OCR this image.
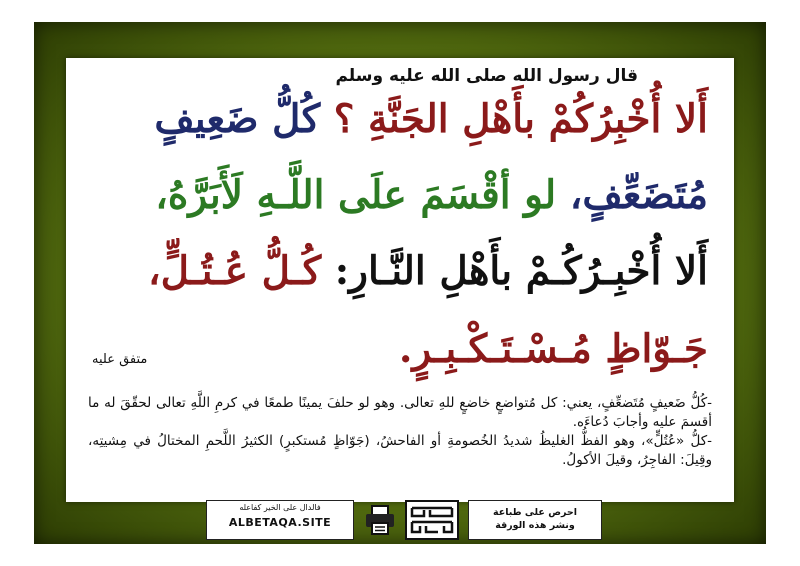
قال رسول الله صلى الله عليه وسلم
أَلا أُخْبِرُكُمْ بأَهْلِ الجَنَّةِ ؟ كُلُّ ضَعِيفٍ
مُتَضَعِّفٍ، لو أقْسَمَ علَى اللَّـهِ لَأَبَرَّهُ،
أَلا أُخْبِـرُكُـمْ بأَهْلِ النَّـارِ: كُـلُّ عُـتُـلٍّ،
جَـوّاظٍ مُـسْـتَـكْـبِـرٍ.
متفق عليه

-كُلُّ ضَعيفٍ مُتَضعِّفٍ، يعني: كل مُتواضعٍ خاضعٍ للهِ تعالى. وهو لو حلفَ يمينًا طمعًا في كرمِ اللَّهِ تعالى لحقّقَ له ما أقسمَ عليه وأجابَ دُعاءَه.

-كلُّ «عُتُلٍّ»، وهو الفظُّ الغليظُ شديدُ الخُصومةِ أو الفاحشُ، (جَوّاظٍ مُستكبرٍ) الكثيرُ اللَّحمِ المختالُ في مِشيتِه، وقِيلَ: الفاجِرُ، وقيلَ الأكولُ.

فالدال على الخير كفاعله
ALBETAQA.SITE
احرص على طباعة
ونشر هذه الورقة
